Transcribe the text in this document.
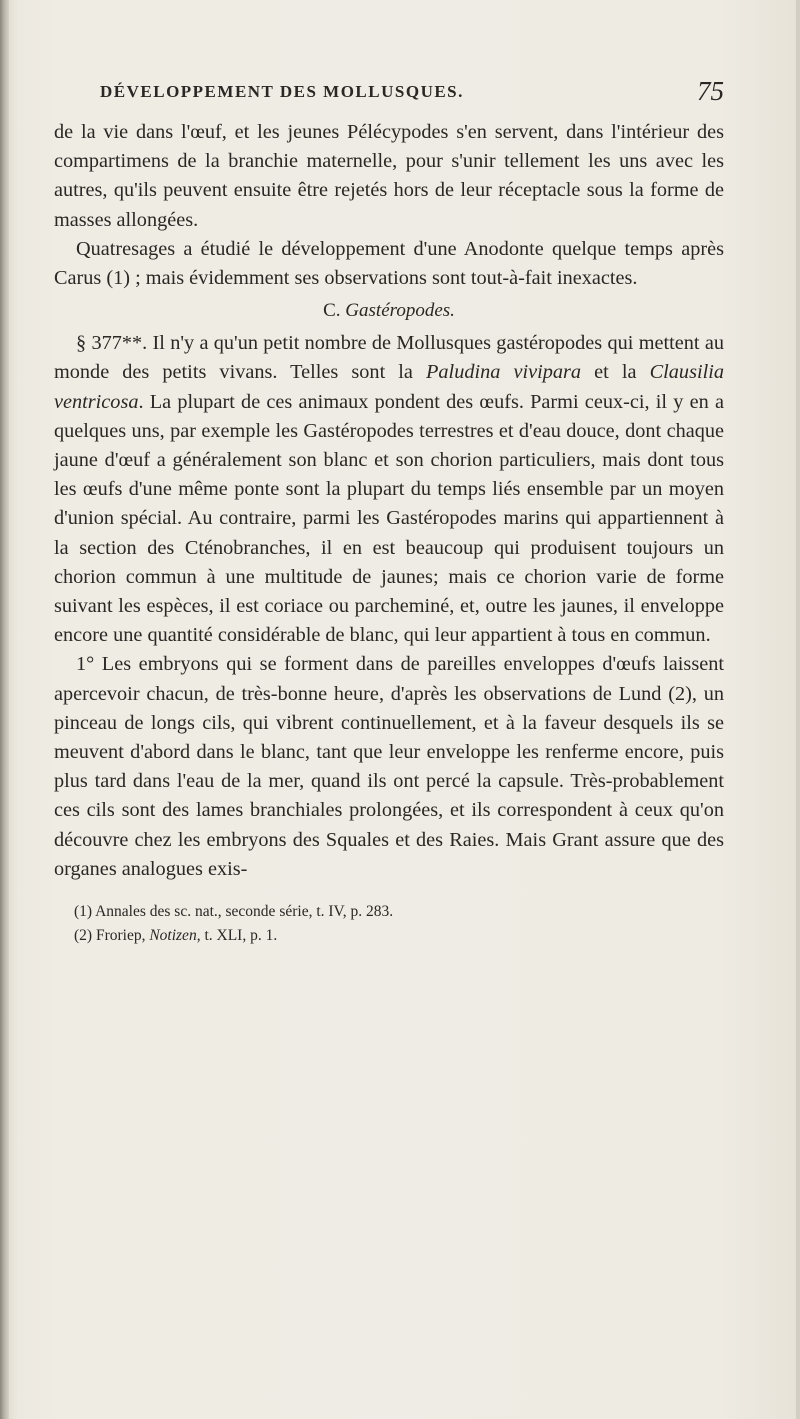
DÉVELOPPEMENT DES MOLLUSQUES.	75

de la vie dans l'œuf, et les jeunes Pélécypodes s'en servent, dans l'intérieur des compartimens de la branchie maternelle, pour s'unir tellement les uns avec les autres, qu'ils peuvent ensuite être rejetés hors de leur réceptacle sous la forme de masses allongées.

Quatresages a étudié le développement d'une Anodonte quelque temps après Carus (1) ; mais évidemment ses observations sont tout-à-fait inexactes.

C. Gastéropodes.

§ 377**. Il n'y a qu'un petit nombre de Mollusques gastéropodes qui mettent au monde des petits vivans. Telles sont la Paludina vivipara et la Clausilia ventricosa. La plupart de ces animaux pondent des œufs. Parmi ceux-ci, il y en a quelques uns, par exemple les Gastéropodes terrestres et d'eau douce, dont chaque jaune d'œuf a généralement son blanc et son chorion particuliers, mais dont tous les œufs d'une même ponte sont la plupart du temps liés ensemble par un moyen d'union spécial. Au contraire, parmi les Gastéropodes marins qui appartiennent à la section des Cténobranches, il en est beaucoup qui produisent toujours un chorion commun à une multitude de jaunes; mais ce chorion varie de forme suivant les espèces, il est coriace ou parcheminé, et, outre les jaunes, il enveloppe encore une quantité considérable de blanc, qui leur appartient à tous en commun.

1° Les embryons qui se forment dans de pareilles enveloppes d'œufs laissent apercevoir chacun, de très-bonne heure, d'après les observations de Lund (2), un pinceau de longs cils, qui vibrent continuellement, et à la faveur desquels ils se meuvent d'abord dans le blanc, tant que leur enveloppe les renferme encore, puis plus tard dans l'eau de la mer, quand ils ont percé la capsule. Très-probablement ces cils sont des lames branchiales prolongées, et ils correspondent à ceux qu'on découvre chez les embryons des Squales et des Raies. Mais Grant assure que des organes analogues exis-

(1) Annales des sc. nat., seconde série, t. IV, p. 283.

(2) Froriep, Notizen, t. XLI, p. 1.
